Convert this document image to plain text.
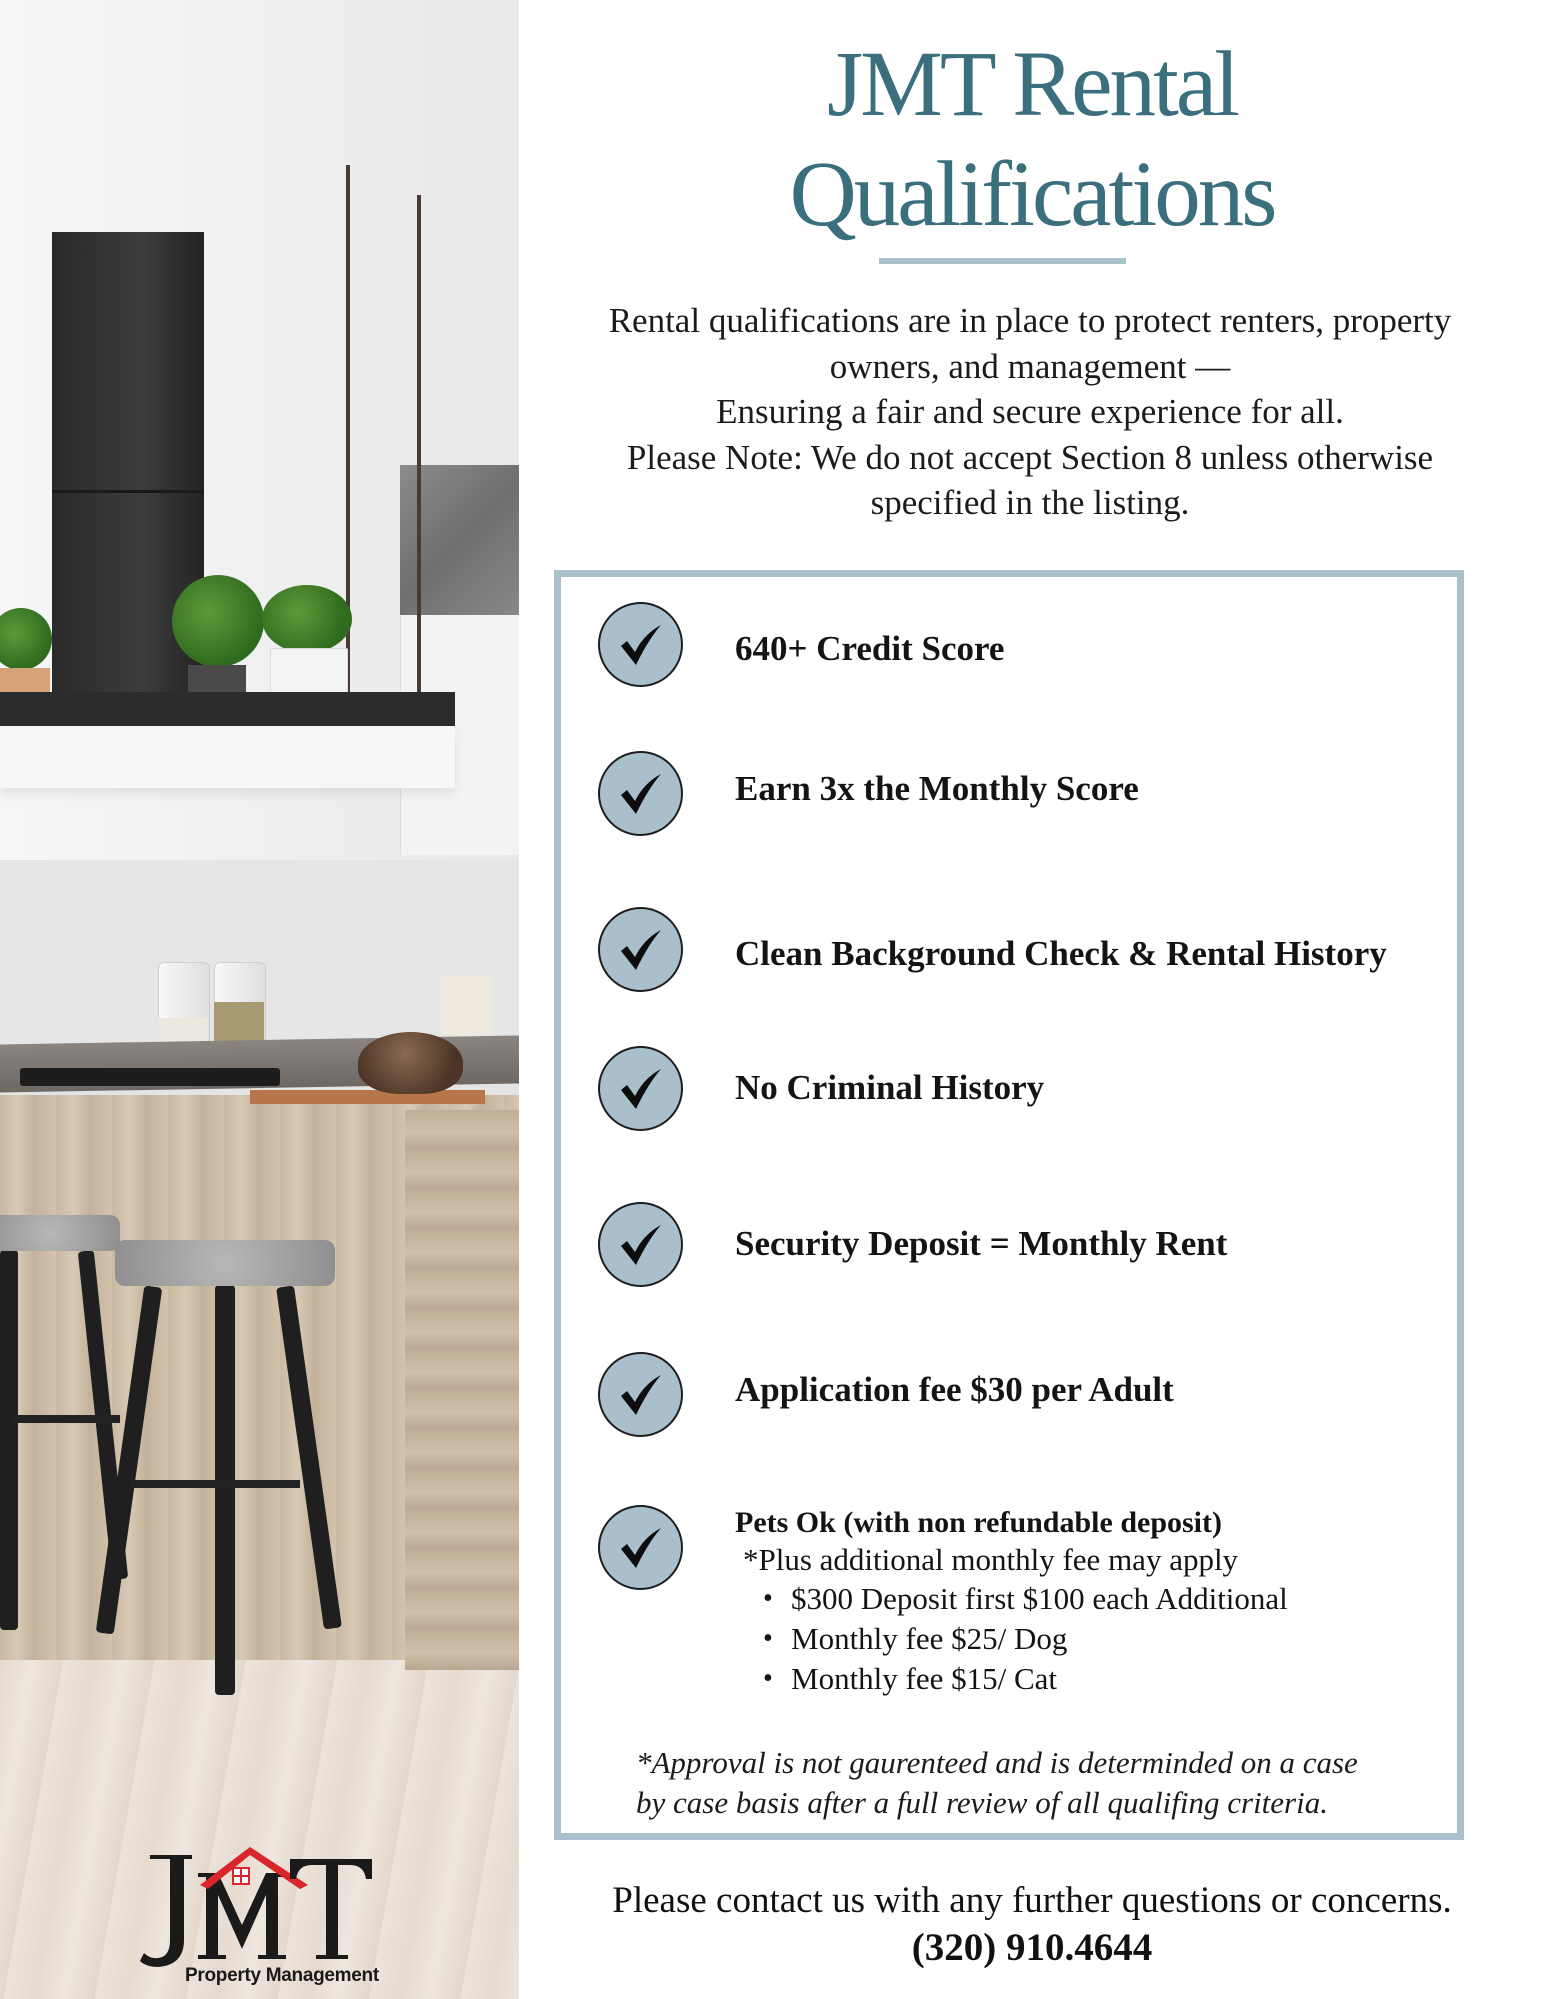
Property Management
JMT Rental
Qualifications
Rental qualifications are in place to protect renters, property
owners, and management —
Ensuring a fair and secure experience for all.
Please Note: We do not accept Section 8 unless otherwise
specified in the listing.
640+ Credit Score
Earn 3x the Monthly Score
Clean Background Check & Rental History
No Criminal History
Security Deposit = Monthly Rent
Application fee $30 per Adult
Pets Ok (with non refundable deposit)
*Plus additional monthly fee may apply
• $300 Deposit first $100 each Additional
• Monthly fee $25/ Dog
• Monthly fee $15/ Cat
*Approval is not gaurenteed and is determinded on a case
by case basis after a full review of all qualifing criteria.
Please contact us with any further questions or concerns.
(320) 910.4644
